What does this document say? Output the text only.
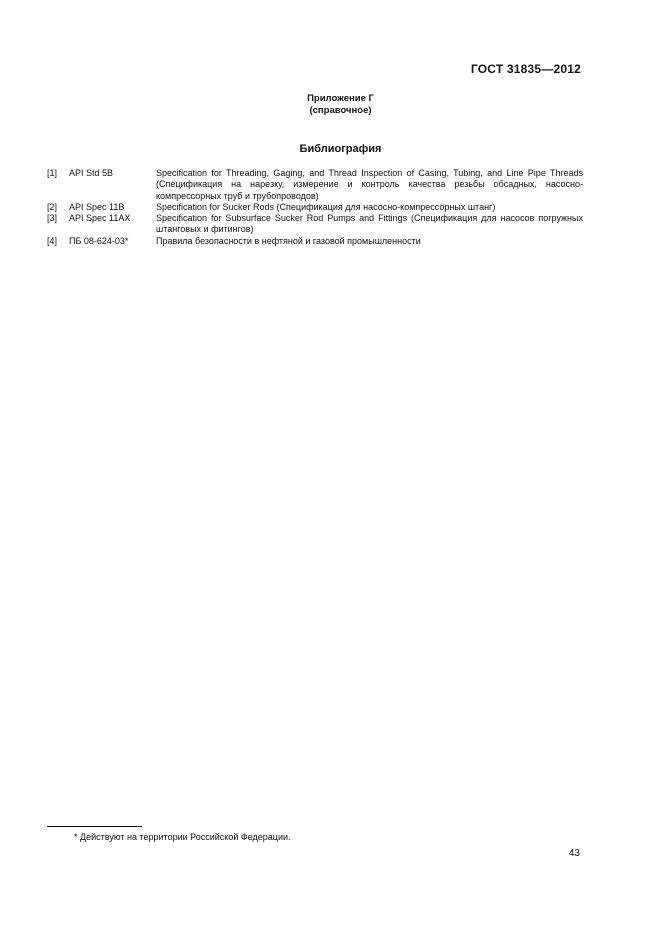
ГОСТ 31835—2012
Приложение Г
(справочное)
Библиография
[1]	API Std 5B	Specification for Threading, Gaging, and Thread Inspection of Casing, Tubing, and Line Pipe Threads (Спецификация на нарезку, измерение и контроль качества резьбы обсадных, насосно-компрессорных труб и трубопроводов)
[2]	API Spec 11B	Specification for Sucker Rods (Спецификация для насосно-компрессорных штанг)
[3]	API Spec 11AX	Specification for Subsurface Sucker Rod Pumps and Fittings (Спецификация для насосов погружных штанговых и фитингов)
[4]	ПБ 08-624-03*	Правила безопасности в нефтяной и газовой промышленности
* Действуют на территории Российской Федерации.
43
